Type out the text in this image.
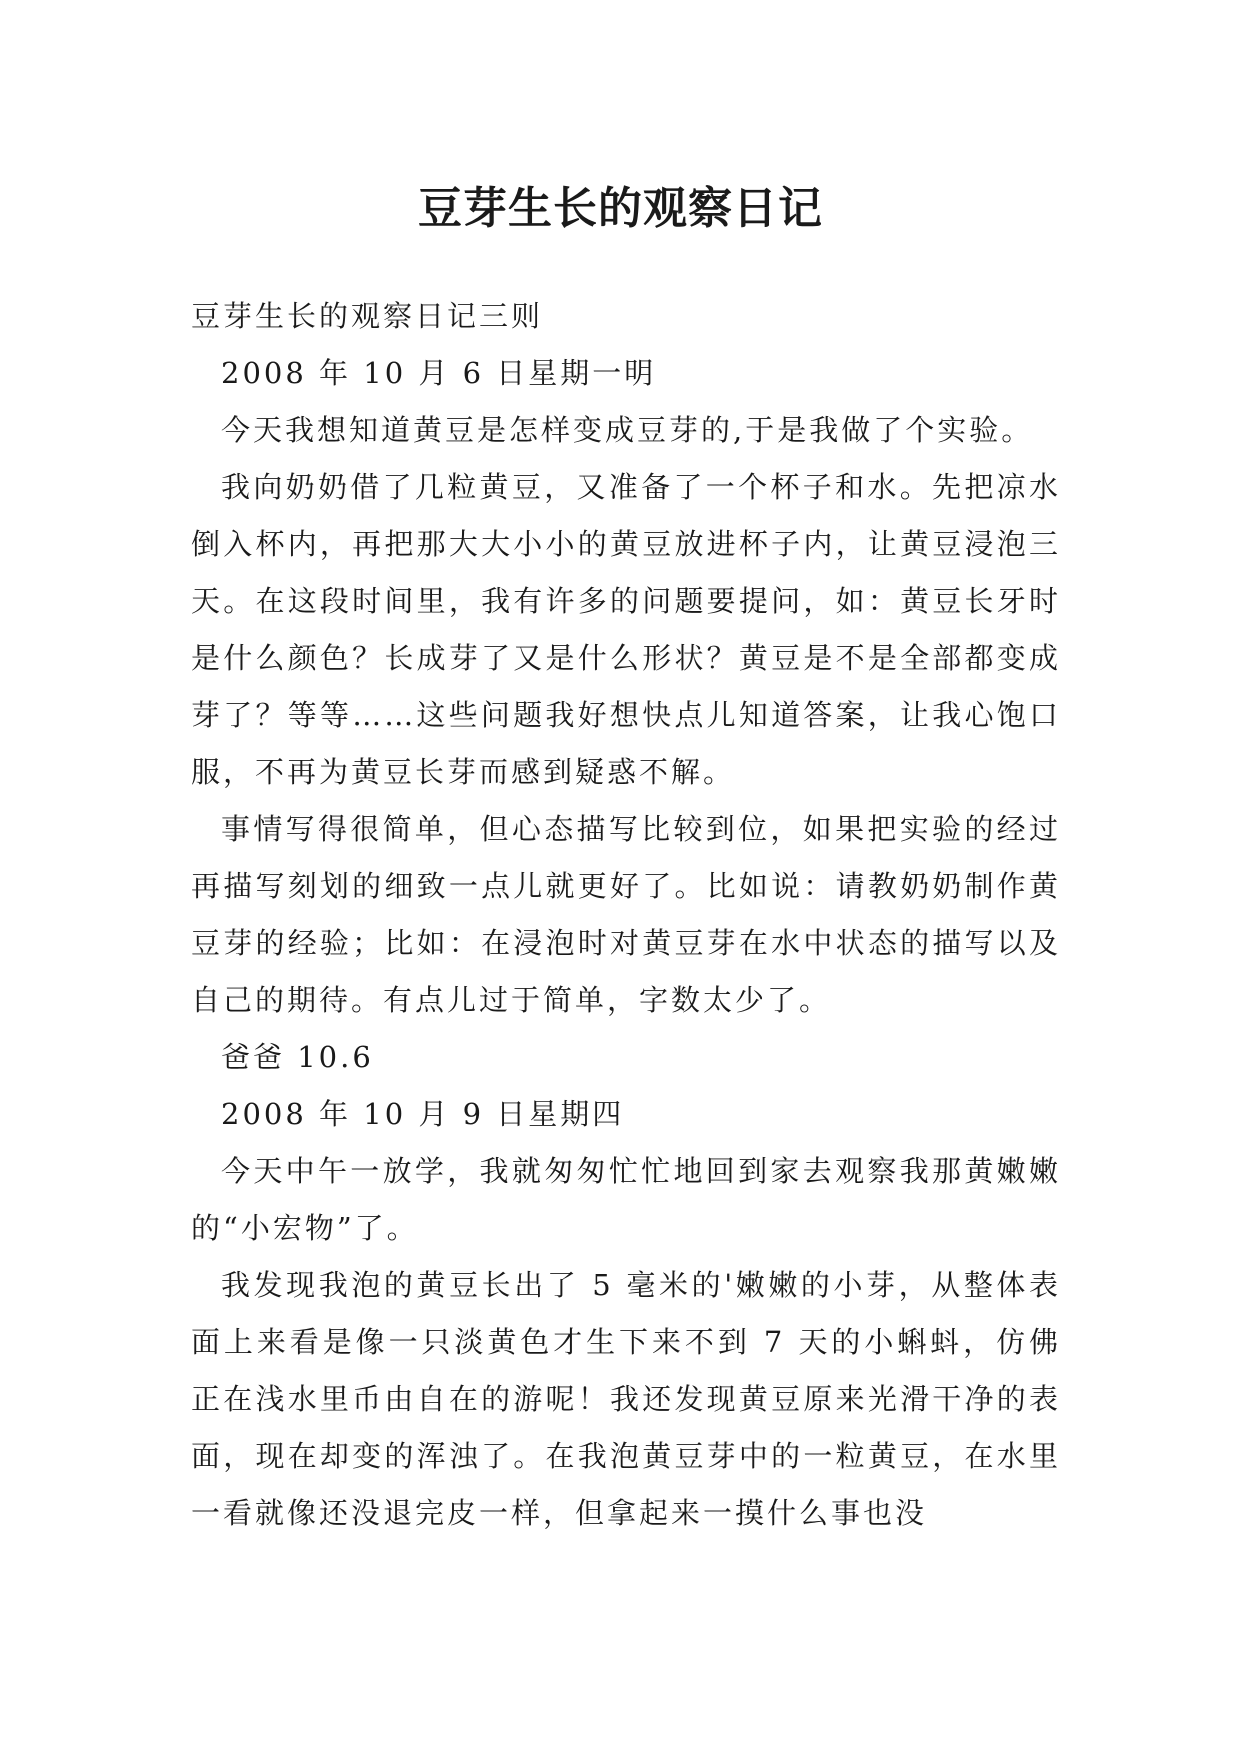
豆芽生长的观察日记

豆芽生长的观察日记三则

2008 年 10 月 6 日星期一明

今天我想知道黄豆是怎样变成豆芽的,于是我做了个实验。

我向奶奶借了几粒黄豆，又准备了一个杯子和水。先把凉水倒入杯内，再把那大大小小的黄豆放进杯子内，让黄豆浸泡三天。在这段时间里，我有许多的问题要提问，如：黄豆长牙时是什么颜色？长成芽了又是什么形状？黄豆是不是全部都变成芽了？等等……这些问题我好想快点儿知道答案，让我心饱口服，不再为黄豆长芽而感到疑惑不解。

事情写得很简单，但心态描写比较到位，如果把实验的经过再描写刻划的细致一点儿就更好了。比如说：请教奶奶制作黄豆芽的经验；比如：在浸泡时对黄豆芽在水中状态的描写以及自己的期待。有点儿过于简单，字数太少了。

爸爸 10.6

2008 年 10 月 9 日星期四

今天中午一放学，我就匆匆忙忙地回到家去观察我那黄嫩嫩的“小宏物”了。

我发现我泡的黄豆长出了 5 毫米的'嫩嫩的小芽，从整体表面上来看是像一只淡黄色才生下来不到 7 天的小蝌蚪，仿佛正在浅水里币由自在的游呢！我还发现黄豆原来光滑干净的表面，现在却变的浑浊了。在我泡黄豆芽中的一粒黄豆，在水里一看就像还没退完皮一样，但拿起来一摸什么事也没
